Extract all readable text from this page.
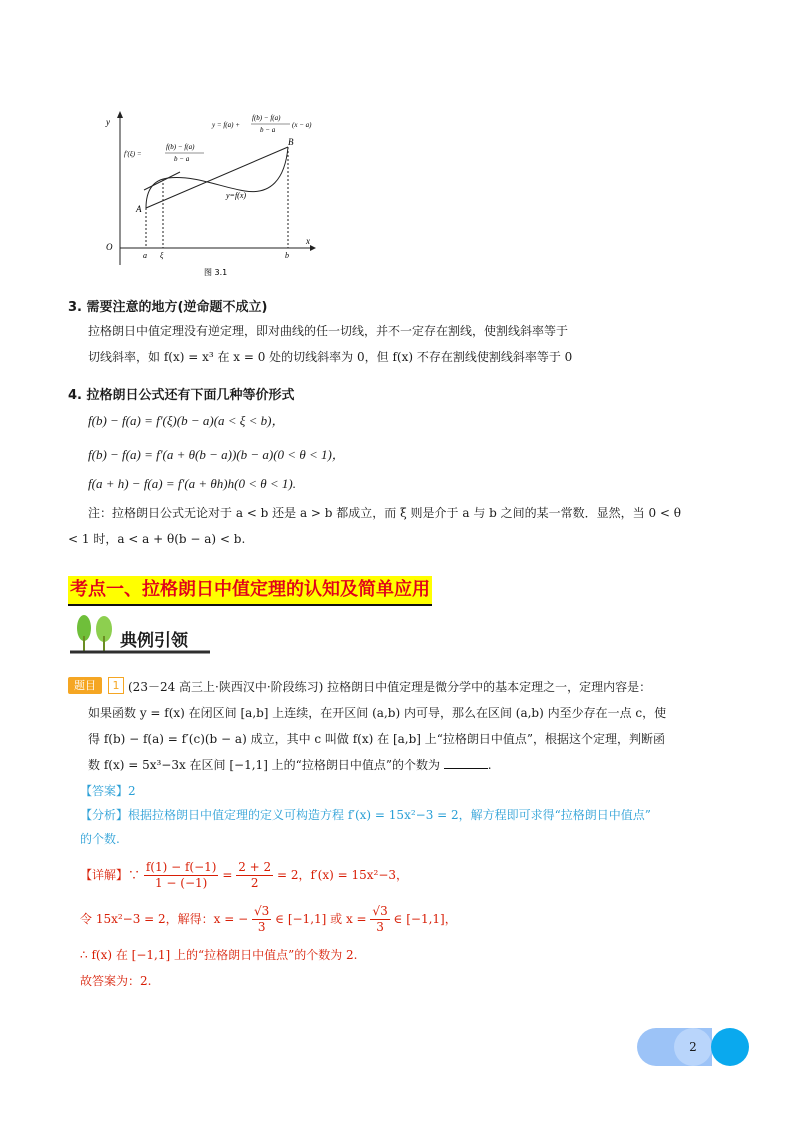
y
x
O
A
B
y=f(x)
a ξ	b
y = f(a) +
f(b) − f(a)
b − a
(x − a)
f′(ξ) =
f(b) − f(a)
b − a
图 3.1
3. 需要注意的地方(逆命题不成立)
拉格朗日中值定理没有逆定理，即对曲线的任一切线，并不一定存在割线，使割线斜率等于
切线斜率，如 f(x) = x³ 在 x = 0 处的切线斜率为 0，但 f(x) 不存在割线使割线斜率等于 0
4. 拉格朗日公式还有下面几种等价形式
f(b) − f(a) = f′(ξ)(b − a)(a < ξ < b)，
f(b) − f(a) = f′(a + θ(b − a))(b − a)(0 < θ < 1)，
f(a + h) − f(a) = f′(a + θh)h(0 < θ < 1).
注：拉格朗日公式无论对于 a < b 还是 a > b 都成立，而 ξ 则是介于 a 与 b 之间的某一常数．显然，当 0 < θ
< 1 时，a < a + θ(b − a) < b.
考点一、拉格朗日中值定理的认知及简单应用
典例引领
题目	1 (23－24 高三上·陕西汉中·阶段练习) 拉格朗日中值定理是微分学中的基本定理之一，定理内容是：
如果函数 y = f(x) 在闭区间 [a,b] 上连续，在开区间 (a,b) 内可导，那么在区间 (a,b) 内至少存在一点 c，使
得 f(b) − f(a) = f′(c)(b − a) 成立，其中 c 叫做 f(x) 在 [a,b] 上“拉格朗日中值点”，根据这个定理，判断函
数 f(x) = 5x³−3x 在区间 [−1,1] 上的“拉格朗日中值点”的个数为	.
【答案】2
【分析】根据拉格朗日中值定理的定义可构造方程 f′(x) = 15x²−3 = 2，解方程即可求得“拉格朗日中值点”
的个数.
【详解】∵ $\frac{f(1) - f(-1)}{1 - (-1)} = \frac{2 + 2}{2} = 2$，f′(x) = 15x²−3，
令 15x²−3 = 2，解得：x = − $\frac{√3}{3}$ ∈ [−1,1] 或 $x = \frac{√3}{3}$ ∈ [−1,1]，
∴ f(x) 在 [−1,1] 上的“拉格朗日中值点”的个数为 2.
故答案为：2.
2
